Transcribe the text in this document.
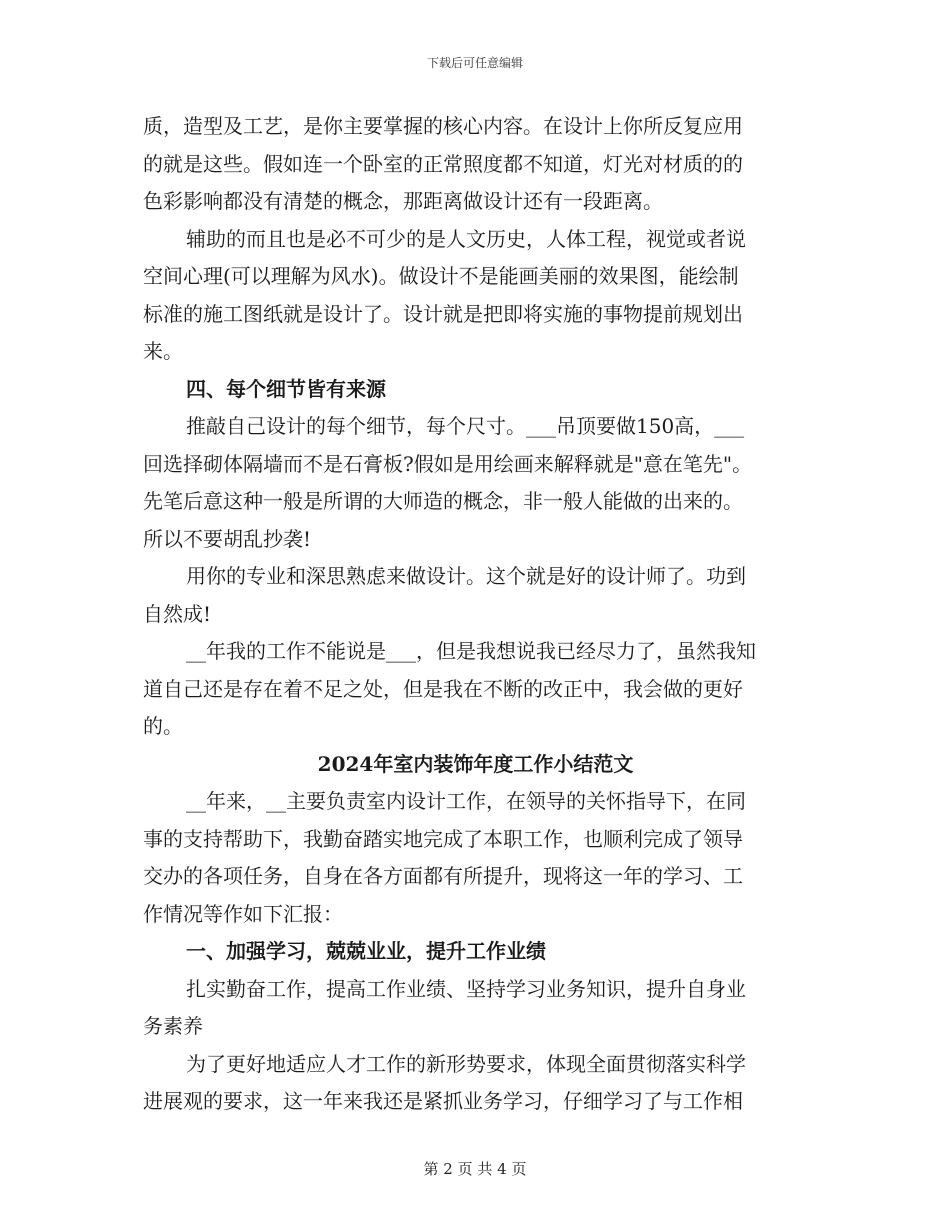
下载后可任意编辑
质，造型及工艺，是你主要掌握的核心内容。在设计上你所反复应用
的就是这些。假如连一个卧室的正常照度都不知道，灯光对材质的的
色彩影响都没有清楚的概念，那距离做设计还有一段距离。
辅助的而且也是必不可少的是人文历史，人体工程，视觉或者说
空间心理(可以理解为风水)。做设计不是能画美丽的效果图，能绘制
标准的施工图纸就是设计了。设计就是把即将实施的事物提前规划出
来。
四、每个细节皆有来源
推敲自己设计的每个细节，每个尺寸。___吊顶要做150高，___
回选择砌体隔墙而不是石膏板?假如是用绘画来解释就是"意在笔先"。
先笔后意这种一般是所谓的大师造的概念，非一般人能做的出来的。
所以不要胡乱抄袭!
用你的专业和深思熟虑来做设计。这个就是好的设计师了。功到
自然成!
__年我的工作不能说是___，但是我想说我已经尽力了，虽然我知
道自己还是存在着不足之处，但是我在不断的改正中，我会做的更好
的。
2024年室内装饰年度工作小结范文
__年来，__主要负责室内设计工作，在领导的关怀指导下，在同
事的支持帮助下，我勤奋踏实地完成了本职工作，也顺利完成了领导
交办的各项任务，自身在各方面都有所提升，现将这一年的学习、工
作情况等作如下汇报：
一、加强学习，兢兢业业，提升工作业绩
扎实勤奋工作，提高工作业绩、坚持学习业务知识，提升自身业
务素养
为了更好地适应人才工作的新形势要求，体现全面贯彻落实科学
进展观的要求，这一年来我还是紧抓业务学习，仔细学习了与工作相
第 2 页 共 4 页
